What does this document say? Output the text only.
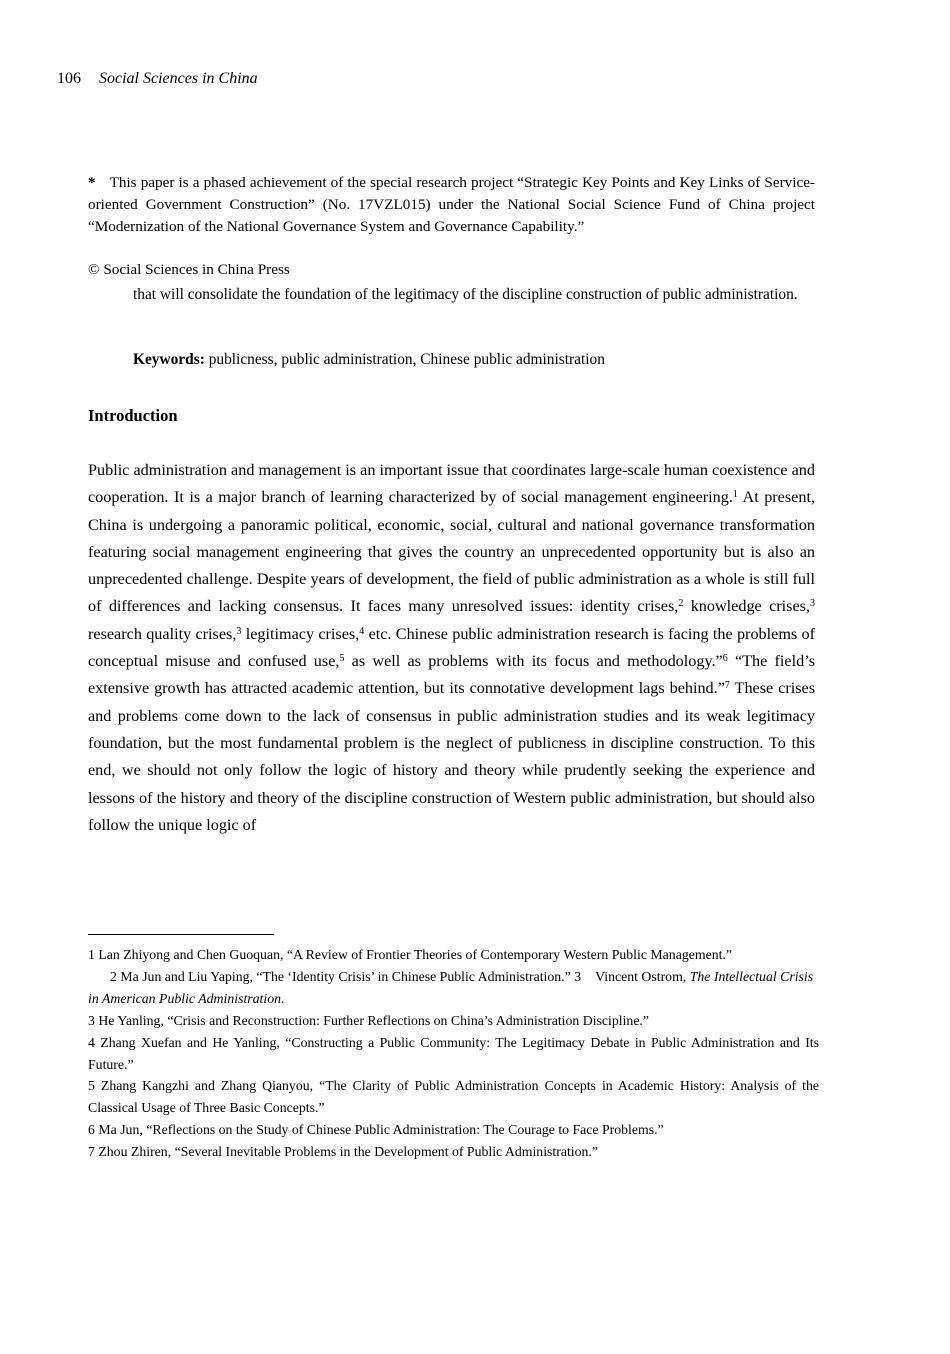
106 Social Sciences in China
* This paper is a phased achievement of the special research project “Strategic Key Points and Key Links of Service-oriented Government Construction” (No. 17VZL015) under the National Social Science Fund of China project “Modernization of the National Governance System and Governance Capability.”
© Social Sciences in China Press
that will consolidate the foundation of the legitimacy of the discipline construction of public administration.
Keywords: publicness, public administration, Chinese public administration
Introduction
Public administration and management is an important issue that coordinates large-scale human coexistence and cooperation. It is a major branch of learning characterized by of social management engineering.$^1$ At present, China is undergoing a panoramic political, economic, social, cultural and national governance transformation featuring social management engineering that gives the country an unprecedented opportunity but is also an unprecedented challenge. Despite years of development, the field of public administration as a whole is still full of differences and lacking consensus. It faces many unresolved issues: identity crises,$^2$ knowledge crises,$^3$ research quality crises,$^3$ legitimacy crises,$^4$ etc. Chinese public administration research is facing the problems of conceptual misuse and confused use,$^5$ as well as problems with its focus and methodology.”$^6$ “The field’s extensive growth has attracted academic attention, but its connotative development lags behind.”$^7$ These crises and problems come down to the lack of consensus in public administration studies and its weak legitimacy foundation, but the most fundamental problem is the neglect of publicness in discipline construction. To this end, we should not only follow the logic of history and theory while prudently seeking the experience and lessons of the history and theory of the discipline construction of Western public administration, but should also follow the unique logic of

1 Lan Zhiyong and Chen Guoquan, “A Review of Frontier Theories of Contemporary Western Public Management.”

2 Ma Jun and Liu Yaping, “The ‘Identity Crisis’ in Chinese Public Administration.” 3 Vincent Ostrom, The Intellectual Crisis in American Public Administration.

3 He Yanling, “Crisis and Reconstruction: Further Reflections on China’s Administration Discipline.”

4 Zhang Xuefan and He Yanling, “Constructing a Public Community: The Legitimacy Debate in Public Administration and Its Future.”

5 Zhang Kangzhi and Zhang Qianyou, “The Clarity of Public Administration Concepts in Academic History: Analysis of the Classical Usage of Three Basic Concepts.”

6 Ma Jun, “Reflections on the Study of Chinese Public Administration: The Courage to Face Problems.”

7 Zhou Zhiren, “Several Inevitable Problems in the Development of Public Administration.”
